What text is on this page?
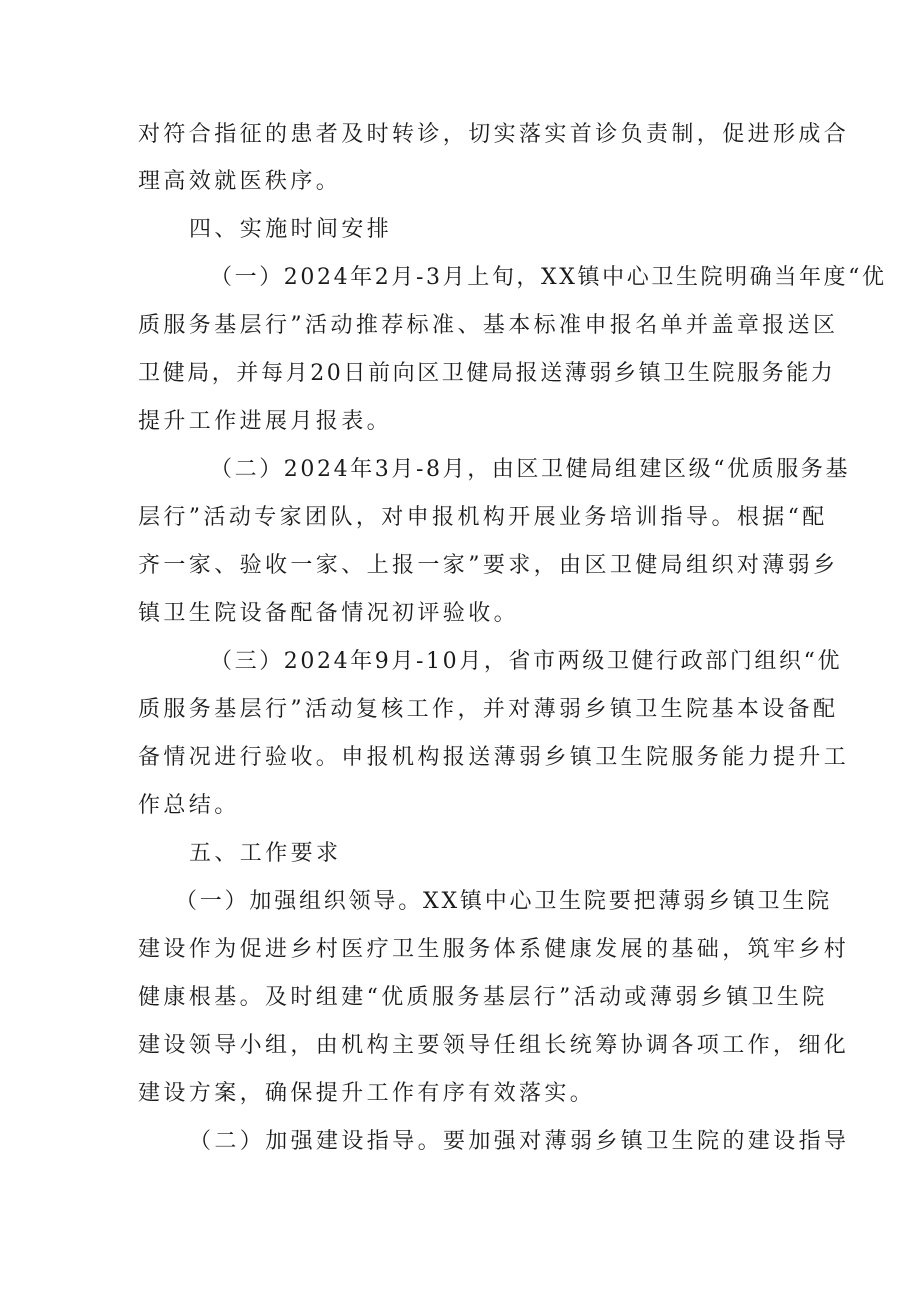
对符合指征的患者及时转诊，切实落实首诊负责制，促进形成合
理高效就医秩序。
四、实施时间安排
（一）2024年2月-3月上旬，XX镇中心卫生院明确当年度“优
质服务基层行”活动推荐标准、基本标准申报名单并盖章报送区
卫健局，并每月20日前向区卫健局报送薄弱乡镇卫生院服务能力
提升工作进展月报表。
（二）2024年3月-8月，由区卫健局组建区级“优质服务基
层行”活动专家团队，对申报机构开展业务培训指导。根据“配
齐一家、验收一家、上报一家”要求，由区卫健局组织对薄弱乡
镇卫生院设备配备情况初评验收。
（三）2024年9月-10月，省市两级卫健行政部门组织“优
质服务基层行”活动复核工作，并对薄弱乡镇卫生院基本设备配
备情况进行验收。申报机构报送薄弱乡镇卫生院服务能力提升工
作总结。
五、工作要求
（一）加强组织领导。XX镇中心卫生院要把薄弱乡镇卫生院
建设作为促进乡村医疗卫生服务体系健康发展的基础，筑牢乡村
健康根基。及时组建“优质服务基层行”活动或薄弱乡镇卫生院
建设领导小组，由机构主要领导任组长统筹协调各项工作，细化
建设方案，确保提升工作有序有效落实。
（二）加强建设指导。要加强对薄弱乡镇卫生院的建设指导
